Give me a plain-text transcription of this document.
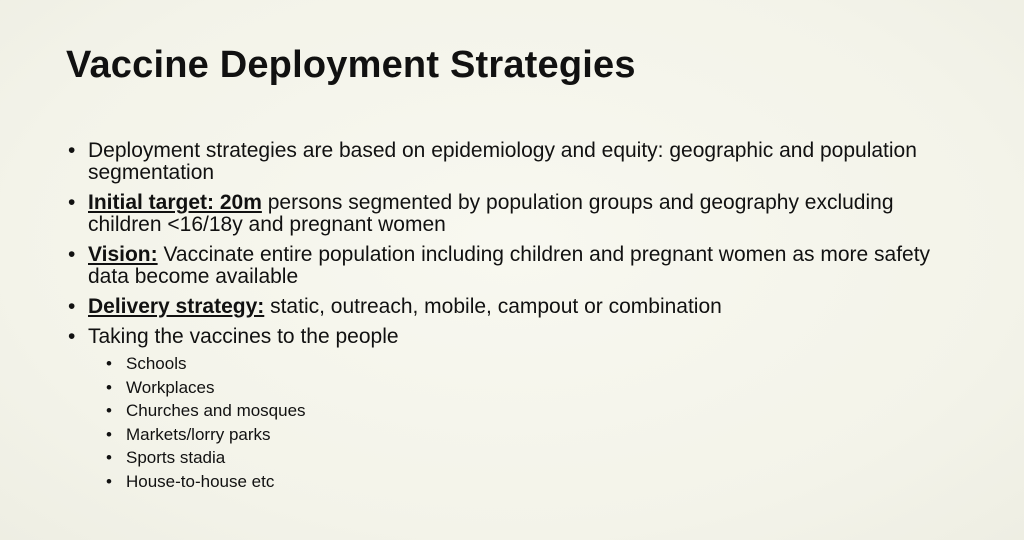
Vaccine Deployment Strategies
• Deployment strategies are based on epidemiology and equity: geographic and population segmentation
• Initial target: 20m persons segmented by population groups and geography excluding children <16/18y and pregnant women
• Vision: Vaccinate entire population including children and pregnant women as more safety data become available
• Delivery strategy: static, outreach, mobile, campout or combination
• Taking the vaccines to the people
• Schools
• Workplaces
• Churches and mosques
• Markets/lorry parks
• Sports stadia
• House-to-house etc
